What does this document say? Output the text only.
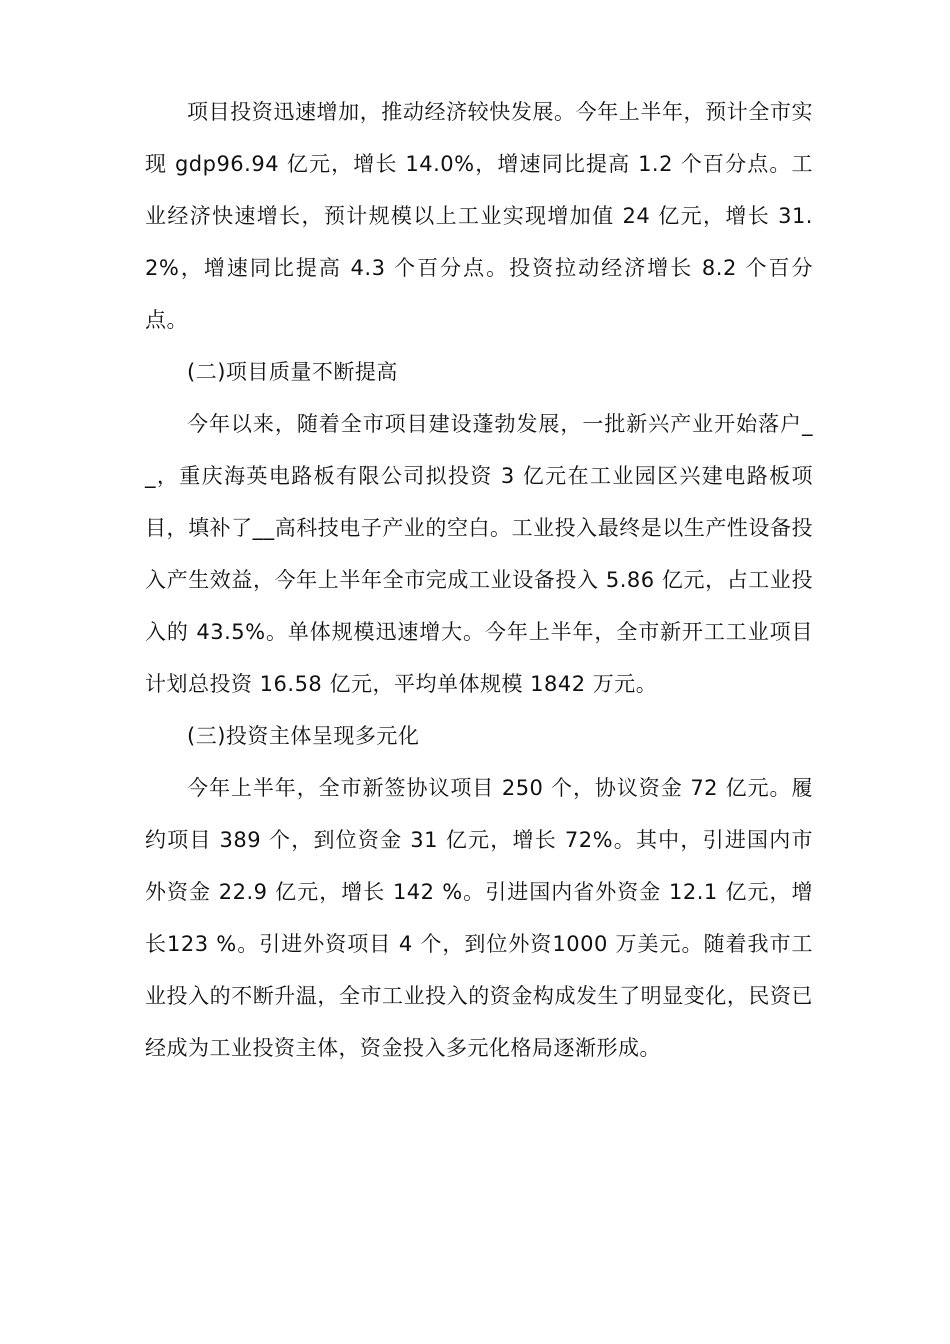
项目投资迅速增加，推动经济较快发展。今年上半年，预计全市实现 gdp96.94 亿元，增长 14.0%，增速同比提高 1.2 个百分点。工业经济快速增长，预计规模以上工业实现增加值 24 亿元，增长 31.2%，增速同比提高 4.3 个百分点。投资拉动经济增长 8.2 个百分点。

(二)项目质量不断提高

今年以来，随着全市项目建设蓬勃发展，一批新兴产业开始落户__，重庆海英电路板有限公司拟投资 3 亿元在工业园区兴建电路板项目，填补了__高科技电子产业的空白。工业投入最终是以生产性设备投入产生效益，今年上半年全市完成工业设备投入 5.86 亿元，占工业投入的 43.5%。单体规模迅速增大。今年上半年，全市新开工工业项目计划总投资 16.58 亿元，平均单体规模 1842 万元。

(三)投资主体呈现多元化

今年上半年，全市新签协议项目 250 个，协议资金 72 亿元。履约项目 389 个，到位资金 31 亿元，增长 72%。其中，引进国内市外资金 22.9 亿元，增长 142 %。引进国内省外资金 12.1 亿元，增长123 %。引进外资项目 4 个，到位外资1000 万美元。随着我市工业投入的不断升温，全市工业投入的资金构成发生了明显变化，民资已经成为工业投资主体，资金投入多元化格局逐渐形成。
